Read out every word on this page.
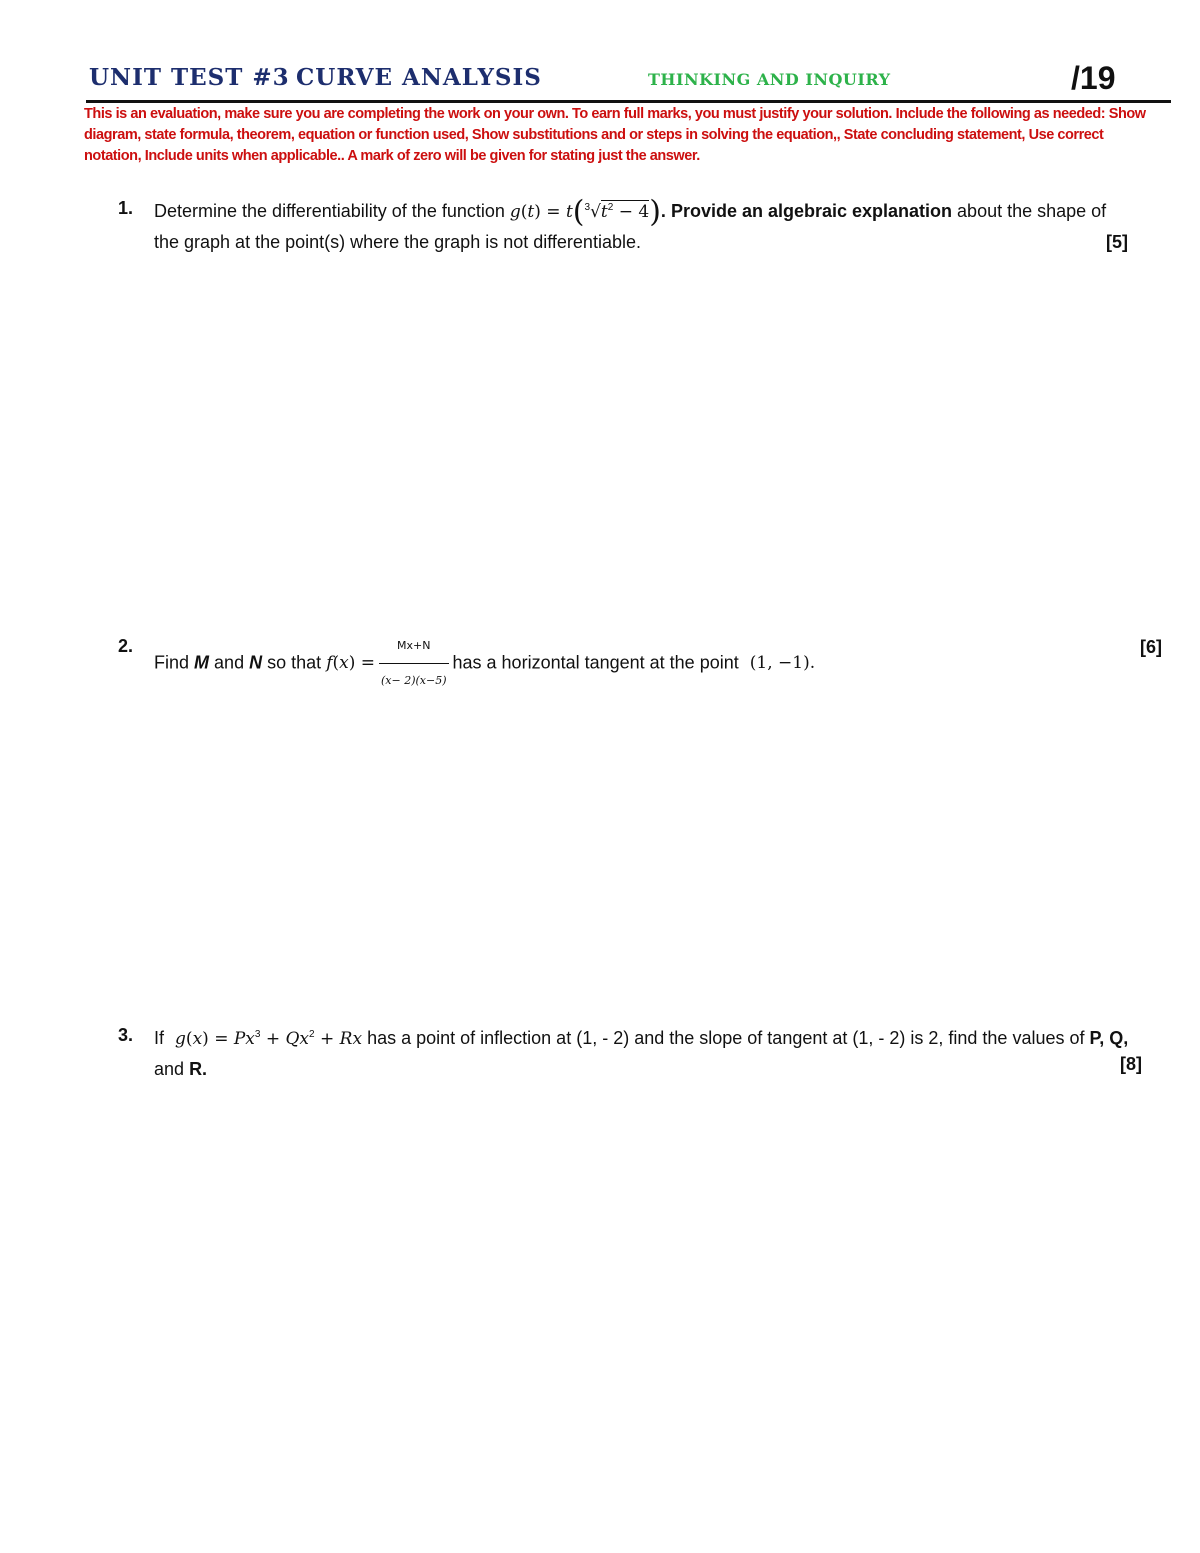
UNIT TEST #3 CURVE ANALYSIS	THINKING AND INQUIRY	/19
This is an evaluation, make sure you are completing the work on your own. To earn full marks, you must justify your solution. Include the following as needed: Show diagram, state formula, theorem, equation or function used, Show substitutions and or steps in solving the equation,, State concluding statement, Use correct notation, Include units when applicable.. A mark of zero will be given for stating just the answer.
1. Determine the differentiability of the function $g(t) = t(^3√t^2 - 4)$. Provide an algebraic explanation about the shape of the graph at the point(s) where the graph is not differentiable.	[5]
2.
Find M and N so that $f(x) = \frac{Mx+N}{(x- 2)(x-5)}$ has a horizontal tangent at the point (1, −1).
[6]
3. If $g(x) = Px^3 + Qx^2 + Rx$ has a point of inflection at (1, - 2) and the slope of tangent at (1, - 2) is 2, find the values of P, Q, and R.	[8]
